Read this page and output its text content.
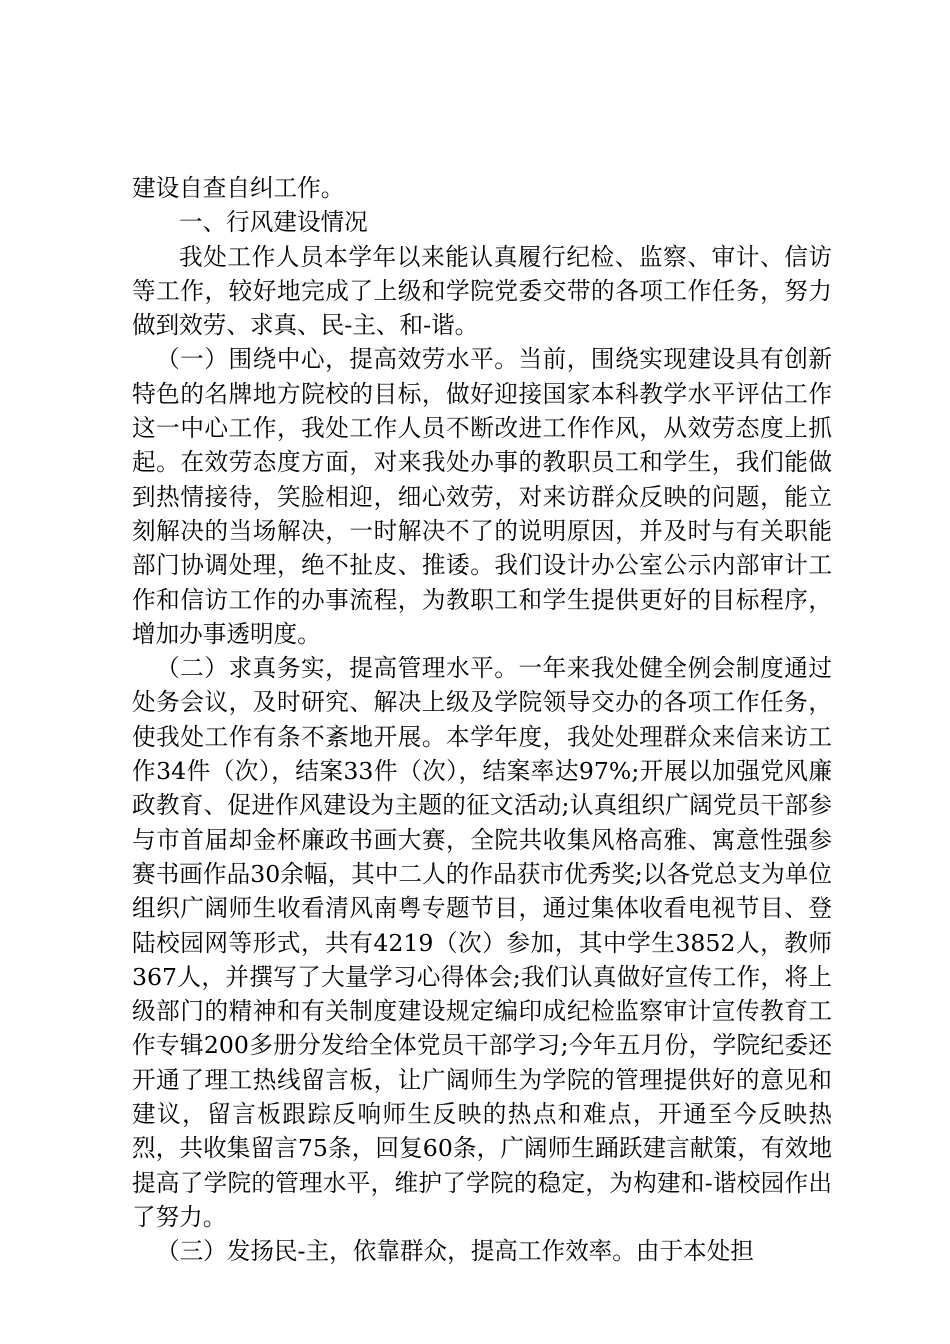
建设自查自纠工作。

一、行风建设情况

我处工作人员本学年以来能认真履行纪检、监察、审计、信访等工作，较好地完成了上级和学院党委交带的各项工作任务，努力做到效劳、求真、民-主、和-谐。

（一）围绕中心，提高效劳水平。当前，围绕实现建设具有创新特色的名牌地方院校的目标，做好迎接国家本科教学水平评估工作这一中心工作，我处工作人员不断改进工作作风，从效劳态度上抓起。在效劳态度方面，对来我处办事的教职员工和学生，我们能做到热情接待，笑脸相迎，细心效劳，对来访群众反映的问题，能立刻解决的当场解决，一时解决不了的说明原因，并及时与有关职能部门协调处理，绝不扯皮、推诿。我们设计办公室公示内部审计工作和信访工作的办事流程，为教职工和学生提供更好的目标程序，增加办事透明度。

（二）求真务实，提高管理水平。一年来我处健全例会制度通过处务会议，及时研究、解决上级及学院领导交办的各项工作任务，使我处工作有条不紊地开展。本学年度，我处处理群众来信来访工作34件（次），结案33件（次），结案率达97%;开展以加强党风廉政教育、促进作风建设为主题的征文活动;认真组织广阔党员干部参与市首届却金杯廉政书画大赛，全院共收集风格高雅、寓意性强参赛书画作品30余幅，其中二人的作品获市优秀奖;以各党总支为单位组织广阔师生收看清风南粤专题节目，通过集体收看电视节目、登陆校园网等形式，共有4219（次）参加，其中学生3852人，教师367人，并撰写了大量学习心得体会;我们认真做好宣传工作，将上级部门的精神和有关制度建设规定编印成纪检监察审计宣传教育工作专辑200多册分发给全体党员干部学习;今年五月份，学院纪委还开通了理工热线留言板，让广阔师生为学院的管理提供好的意见和建议，留言板跟踪反响师生反映的热点和难点，开通至今反映热烈，共收集留言75条，回复60条，广阔师生踊跃建言献策，有效地提高了学院的管理水平，维护了学院的稳定，为构建和-谐校园作出了努力。

（三）发扬民-主，依靠群众，提高工作效率。由于本处担
